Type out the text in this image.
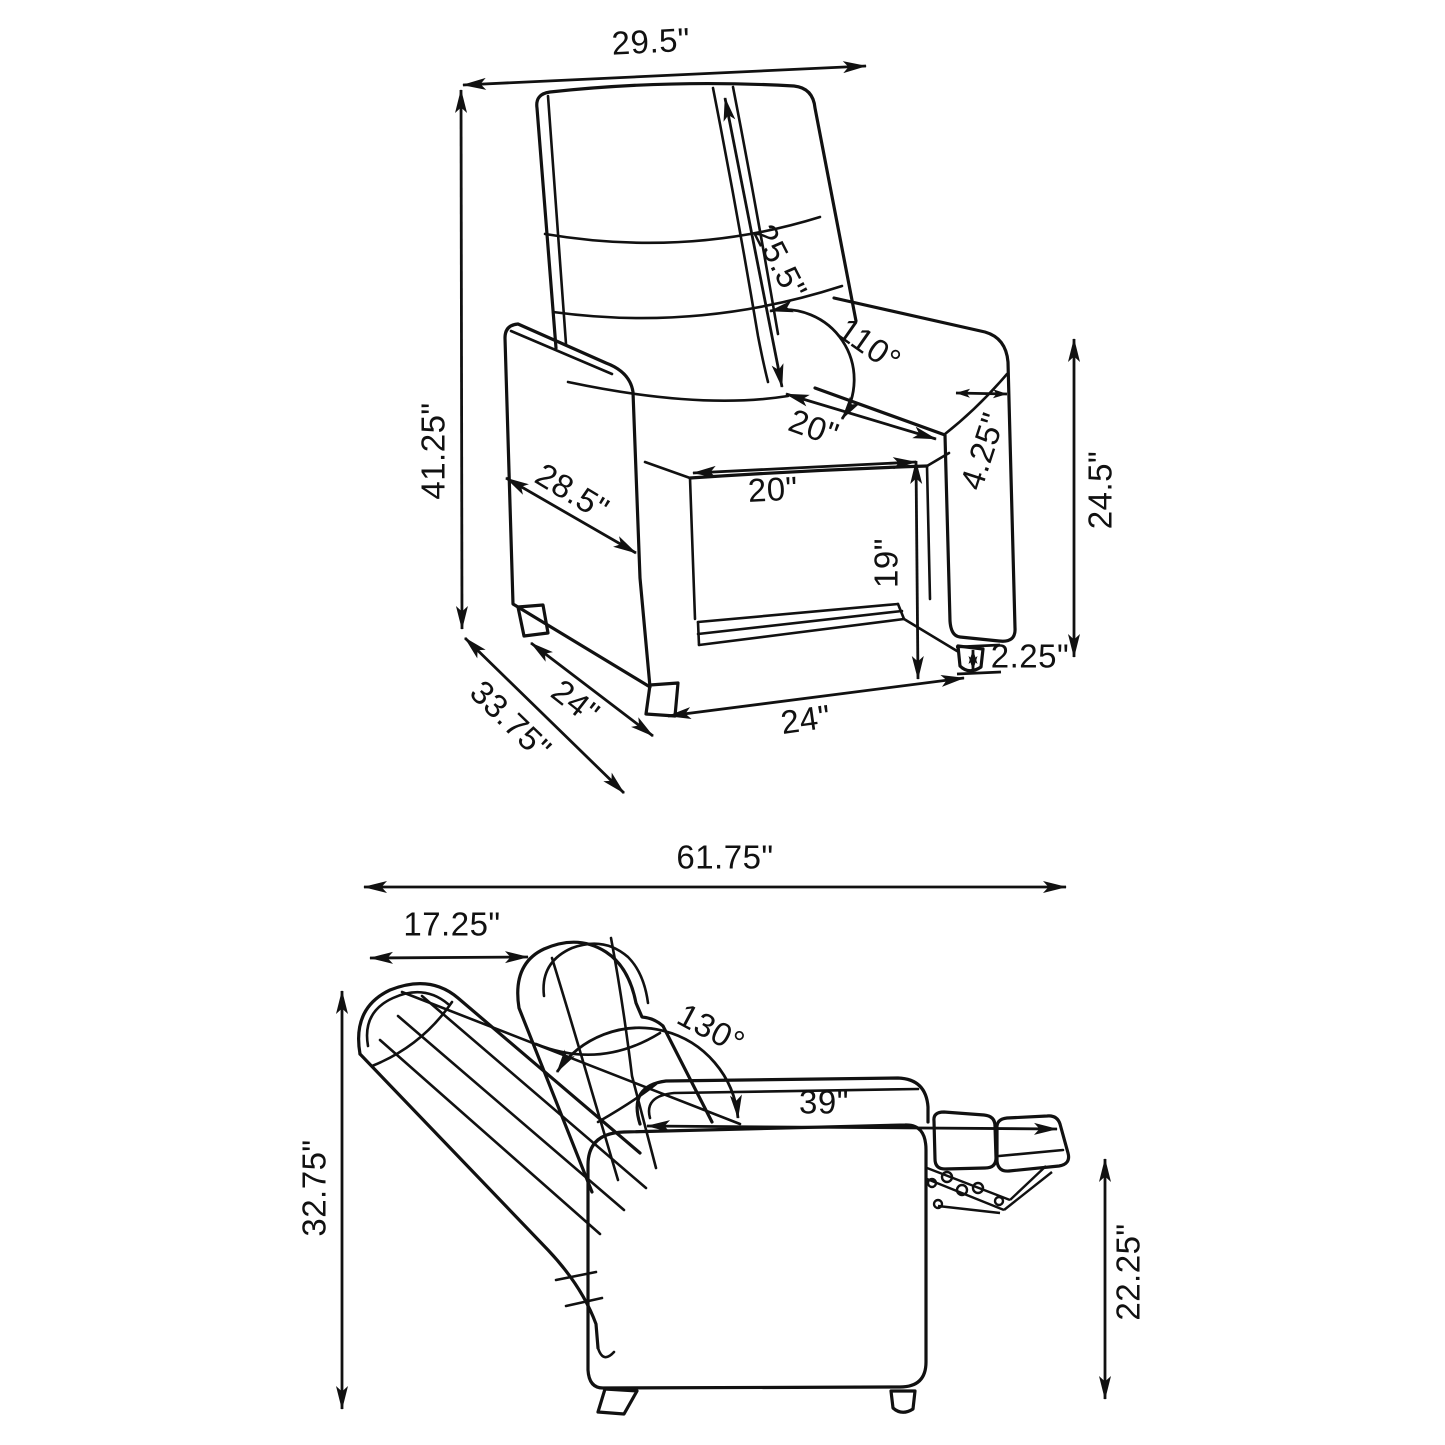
29.5"
41.25"
25.5"
110°
20"
20"
28.5"	4.25" 24.5"
19"
2.25"
33.75"
24"	24"
61.75"
17.25"
130°
39"
32.75"
22.25"
